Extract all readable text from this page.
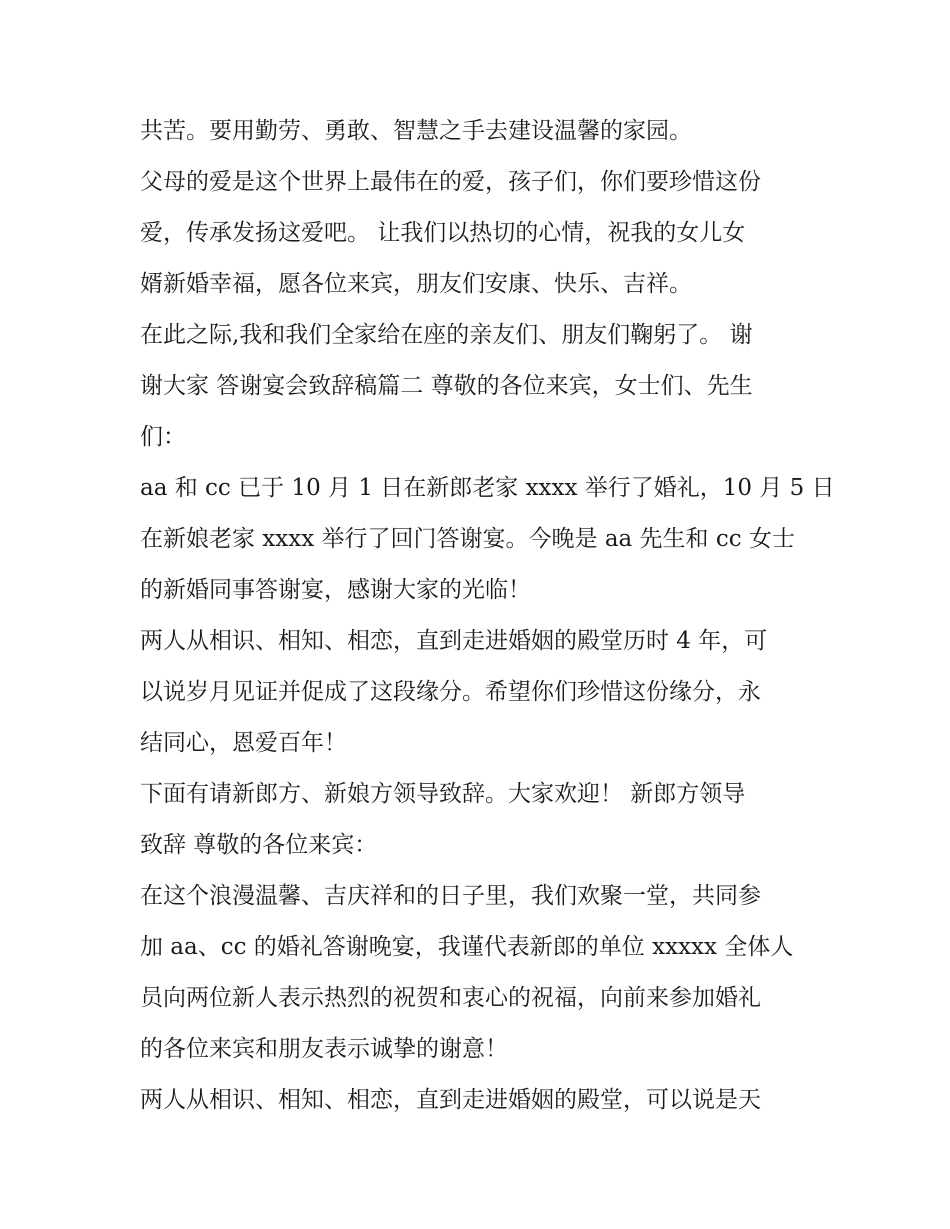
共苦。要用勤劳、勇敢、智慧之手去建设温馨的家园。

父母的爱是这个世界上最伟在的爱，孩子们，你们要珍惜这份
爱，传承发扬这爱吧。 让我们以热切的心情，祝我的女儿女
婿新婚幸福，愿各位来宾，朋友们安康、快乐、吉祥。

在此之际,我和我们全家给在座的亲友们、朋友们鞠躬了。 谢
谢大家 答谢宴会致辞稿篇二 尊敬的各位来宾，女士们、先生
们：

aa 和 cc 已于 10 月 1 日在新郎老家 xxxx 举行了婚礼，10 月 5 日
在新娘老家 xxxx 举行了回门答谢宴。今晚是 aa 先生和 cc 女士
的新婚同事答谢宴，感谢大家的光临！

两人从相识、相知、相恋，直到走进婚姻的殿堂历时 4 年，可
以说岁月见证并促成了这段缘分。希望你们珍惜这份缘分，永
结同心，恩爱百年！

下面有请新郎方、新娘方领导致辞。大家欢迎！ 新郎方领导
致辞 尊敬的各位来宾：

在这个浪漫温馨、吉庆祥和的日子里，我们欢聚一堂，共同参
加 aa、cc 的婚礼答谢晚宴，我谨代表新郎的单位 xxxxx 全体人
员向两位新人表示热烈的祝贺和衷心的祝福，向前来参加婚礼
的各位来宾和朋友表示诚挚的谢意！

两人从相识、相知、相恋，直到走进婚姻的殿堂，可以说是天
